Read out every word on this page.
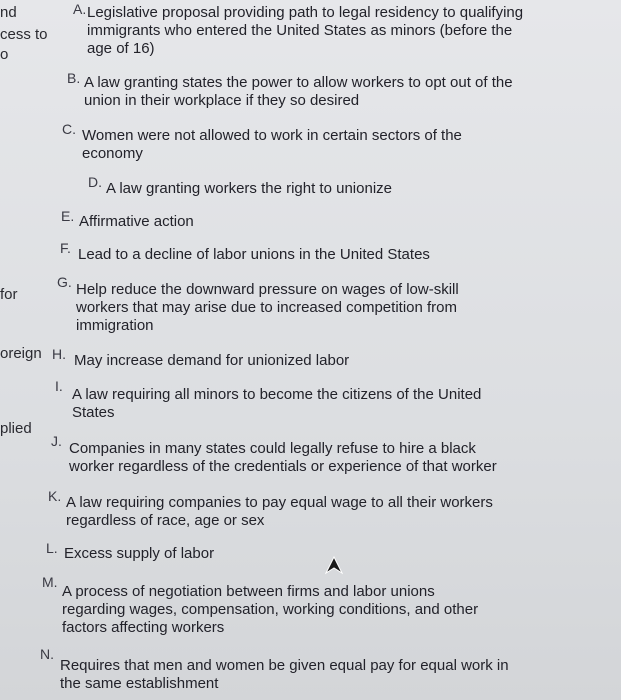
nd
cess to
o
for
oreign
plied
A. Legislative proposal providing path to legal residency to qualifying immigrants who entered the United States as minors (before the age of 16)
B. A law granting states the power to allow workers to opt out of the union in their workplace if they so desired
C. Women were not allowed to work in certain sectors of the economy
D. A law granting workers the right to unionize
E. Affirmative action
F. Lead to a decline of labor unions in the United States
G. Help reduce the downward pressure on wages of low-skill workers that may arise due to increased competition from immigration
H. May increase demand for unionized labor
I. A law requiring all minors to become the citizens of the United States
J. Companies in many states could legally refuse to hire a black worker regardless of the credentials or experience of that worker
K. A law requiring companies to pay equal wage to all their workers regardless of race, age or sex
L. Excess supply of labor
M.
A process of negotiation between firms and labor unions regarding wages, compensation, working conditions, and other factors affecting workers
N.
Requires that men and women be given equal pay for equal work in the same establishment
